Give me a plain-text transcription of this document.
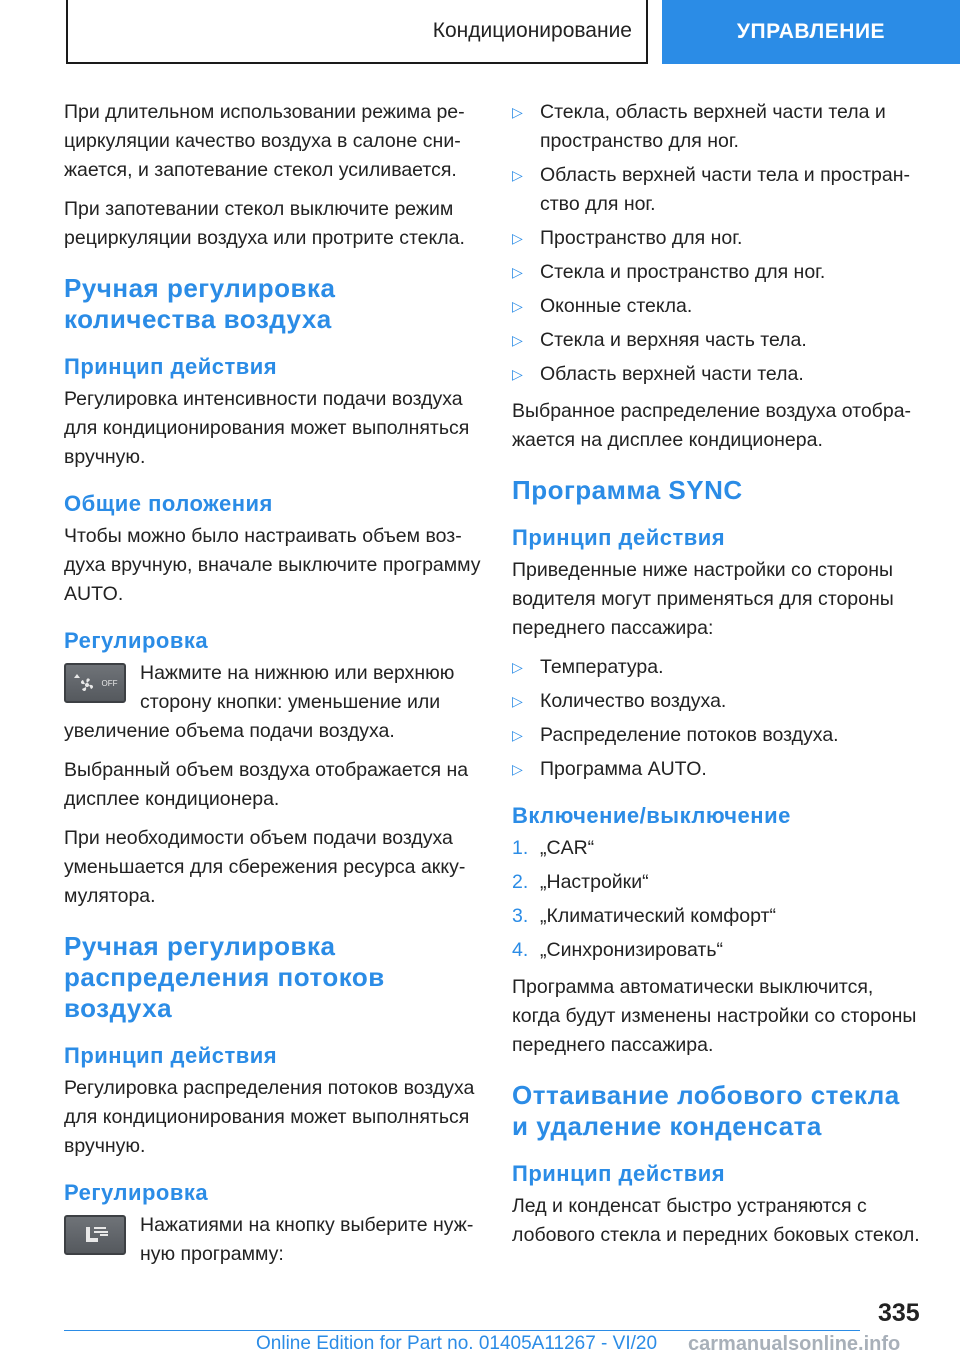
Кондиционирование	УПРАВЛЕНИЕ

При длительном использовании режима рециркуляции качество воздуха в салоне снижается, и запотевание стекол усиливается.

При запотевании стекол выключите режим рециркуляции воздуха или протрите стекла.

Ручная регулировка количества воздуха
Принцип действия

Регулировка интенсивности подачи воздуха для кондиционирования может выполняться вручную.

Общие положения

Чтобы можно было настраивать объем воздуха вручную, вначале выключите программу AUTO.

Регулировка
OFF	Нажмите на нижнюю или верхнюю сторону кнопки: уменьшение или увеличение объема подачи воздуха.

Выбранный объем воздуха отображается на дисплее кондиционера.

При необходимости объем подачи воздуха уменьшается для сбережения ресурса аккумулятора.

Ручная регулировка распределения потоков воздуха
Принцип действия

Регулировка распределения потоков воздуха для кондиционирования может выполняться вручную.

Регулировка

Нажатиями на кнопку выберите нужную программу:

▷ Стекла, область верхней части тела и пространство для ног.
▷ Область верхней части тела и пространство для ног.
▷ Пространство для ног.
▷ Стекла и пространство для ног.
▷ Оконные стекла.
▷ Стекла и верхняя часть тела.
▷ Область верхней части тела.

Выбранное распределение воздуха отображается на дисплее кондиционера.

Программа SYNC
Принцип действия

Приведенные ниже настройки со стороны водителя могут применяться для стороны переднего пассажира:

▷ Температура.
▷ Количество воздуха.
▷ Распределение потоков воздуха.
▷ Программа AUTO.
Включение/выключение
1. „CAR“
2. „Настройки“
3. „Климатический комфорт“
4. „Синхронизировать“

Программа автоматически выключится, когда будут изменены настройки со стороны переднего пассажира.

Оттаивание лобового стекла и удаление конденсата
Принцип действия

Лед и конденсат быстро устраняются с лобового стекла и передних боковых стекол.

335
Online Edition for Part no. 01405A11267 - VI/20 carmanualsonline.info
